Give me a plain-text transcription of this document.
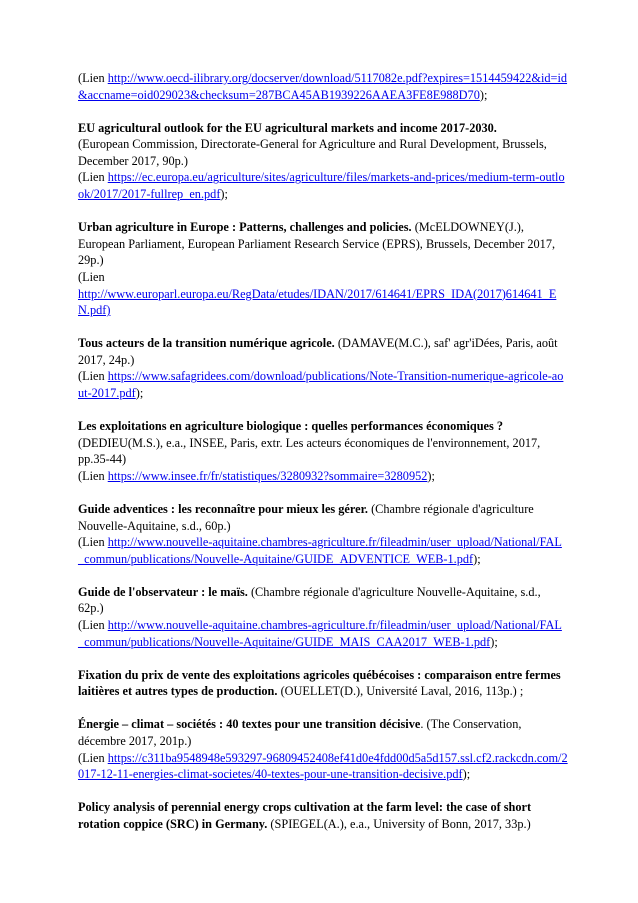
(Lien http://www.oecd-ilibrary.org/docserver/download/5117082e.pdf?expires=1514459422&id=id&accname=oid029023&checksum=287BCA45AB1939226AAEA3FE8E988D70);
EU agricultural outlook for the EU agricultural markets and income 2017-2030.
(European Commission, Directorate-General for Agriculture and Rural Development, Brussels, December 2017, 90p.)
(Lien https://ec.europa.eu/agriculture/sites/agriculture/files/markets-and-prices/medium-term-outlook/2017/2017-fullrep_en.pdf);
Urban agriculture in Europe : Patterns, challenges and policies. (McELDOWNEY(J.), European Parliament, European Parliament Research Service (EPRS), Brussels, December 2017, 29p.)
(Lien
http://www.europarl.europa.eu/RegData/etudes/IDAN/2017/614641/EPRS_IDA(2017)614641_EN.pdf)
Tous acteurs de la transition numérique agricole. (DAMAVE(M.C.), saf' agr'iDées, Paris, août 2017, 24p.)
(Lien https://www.safagridees.com/download/publications/Note-Transition-numerique-agricole-aout-2017.pdf);
Les exploitations en agriculture biologique : quelles performances économiques ? (DEDIEU(M.S.), e.a., INSEE, Paris, extr. Les acteurs économiques de l'environnement, 2017, pp.35-44)
(Lien https://www.insee.fr/fr/statistiques/3280932?sommaire=3280952);
Guide adventices : les reconnaître pour mieux les gérer. (Chambre régionale d'agriculture Nouvelle-Aquitaine, s.d., 60p.)
(Lien http://www.nouvelle-aquitaine.chambres-agriculture.fr/fileadmin/user_upload/National/FAL_commun/publications/Nouvelle-Aquitaine/GUIDE_ADVENTICE_WEB-1.pdf);
Guide de l'observateur : le maïs. (Chambre régionale d'agriculture Nouvelle-Aquitaine, s.d., 62p.)
(Lien http://www.nouvelle-aquitaine.chambres-agriculture.fr/fileadmin/user_upload/National/FAL_commun/publications/Nouvelle-Aquitaine/GUIDE_MAIS_CAA2017_WEB-1.pdf);
Fixation du prix de vente des exploitations agricoles québécoises : comparaison entre fermes laitières et autres types de production. (OUELLET(D.), Université Laval, 2016, 113p.) ;
Énergie – climat – sociétés : 40 textes pour une transition décisive. (The Conservation, décembre 2017, 201p.)
(Lien https://c311ba9548948e593297-96809452408ef41d0e4fdd00d5a5d157.ssl.cf2.rackcdn.com/2017-12-11-energies-climat-societes/40-textes-pour-une-transition-decisive.pdf);
Policy analysis of perennial energy crops cultivation at the farm level: the case of short rotation coppice (SRC) in Germany. (SPIEGEL(A.), e.a., University of Bonn, 2017, 33p.)
